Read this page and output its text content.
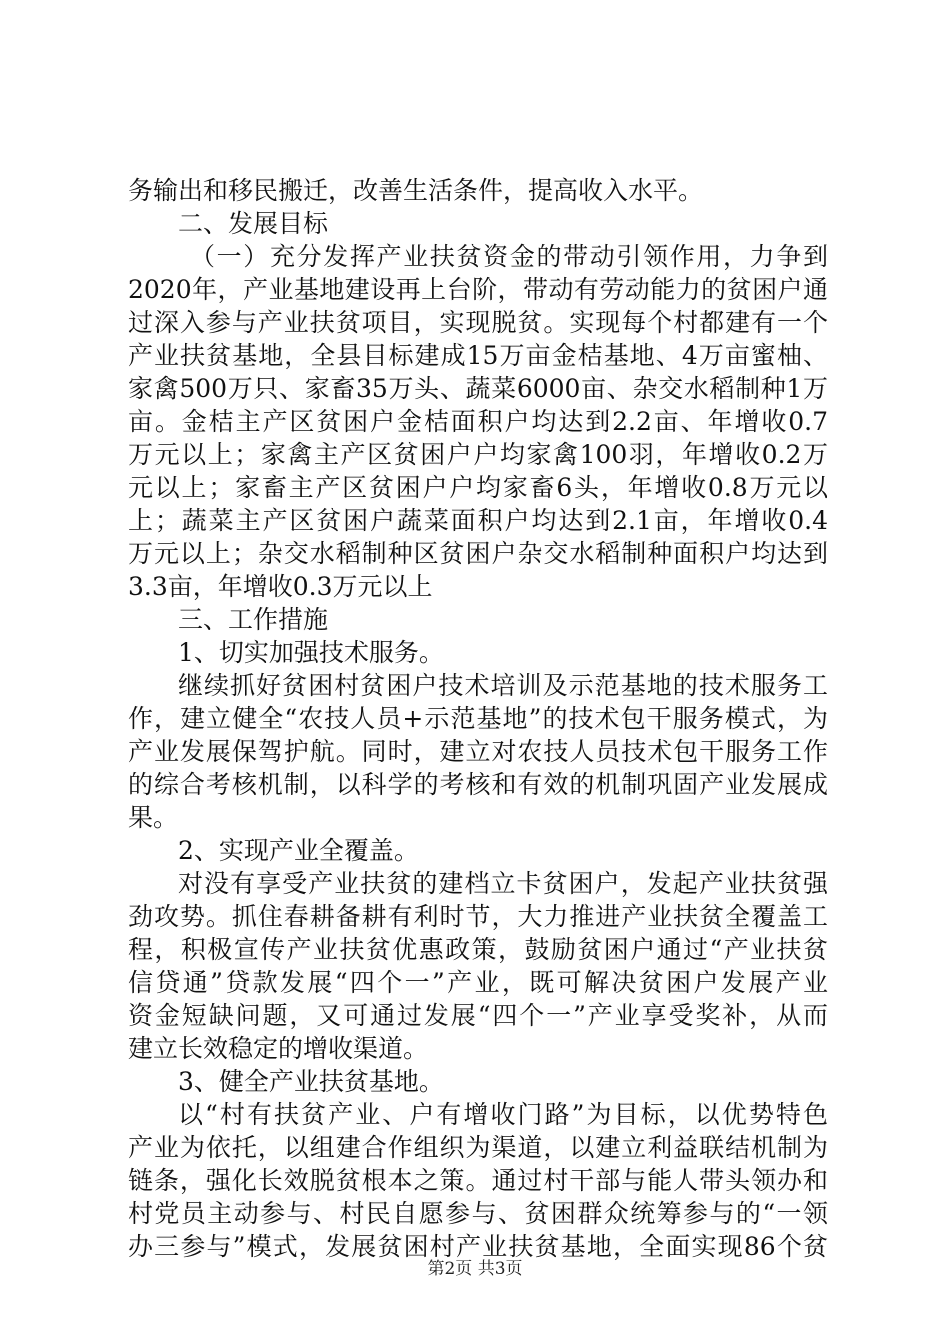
务输出和移民搬迁，改善生活条件，提高收入水平。
二、发展目标
（一）充分发挥产业扶贫资金的带动引领作用，力争到
2020年，产业基地建设再上台阶，带动有劳动能力的贫困户通
过深入参与产业扶贫项目，实现脱贫。实现每个村都建有一个
产业扶贫基地，全县目标建成15万亩金桔基地、4万亩蜜柚、
家禽500万只、家畜35万头、蔬菜6000亩、杂交水稻制种1万
亩。金桔主产区贫困户金桔面积户均达到2.2亩、年增收0.7
万元以上；家禽主产区贫困户户均家禽100羽，年增收0.2万
元以上；家畜主产区贫困户户均家畜6头，年增收0.8万元以
上；蔬菜主产区贫困户蔬菜面积户均达到2.1亩，年增收0.4
万元以上；杂交水稻制种区贫困户杂交水稻制种面积户均达到
3.3亩，年增收0.3万元以上
三、工作措施
1、切实加强技术服务。
继续抓好贫困村贫困户技术培训及示范基地的技术服务工
作，建立健全“农技人员+示范基地”的技术包干服务模式，为
产业发展保驾护航。同时，建立对农技人员技术包干服务工作
的综合考核机制，以科学的考核和有效的机制巩固产业发展成
果。
2、实现产业全覆盖。
对没有享受产业扶贫的建档立卡贫困户，发起产业扶贫强
劲攻势。抓住春耕备耕有利时节，大力推进产业扶贫全覆盖工
程，积极宣传产业扶贫优惠政策，鼓励贫困户通过“产业扶贫
信贷通”贷款发展“四个一”产业，既可解决贫困户发展产业
资金短缺问题，又可通过发展“四个一”产业享受奖补，从而
建立长效稳定的增收渠道。
3、健全产业扶贫基地。
以“村有扶贫产业、户有增收门路”为目标，以优势特色
产业为依托，以组建合作组织为渠道，以建立利益联结机制为
链条，强化长效脱贫根本之策。通过村干部与能人带头领办和
村党员主动参与、村民自愿参与、贫困群众统筹参与的“一领
办三参与”模式，发展贫困村产业扶贫基地，全面实现86个贫
第2页 共3页
